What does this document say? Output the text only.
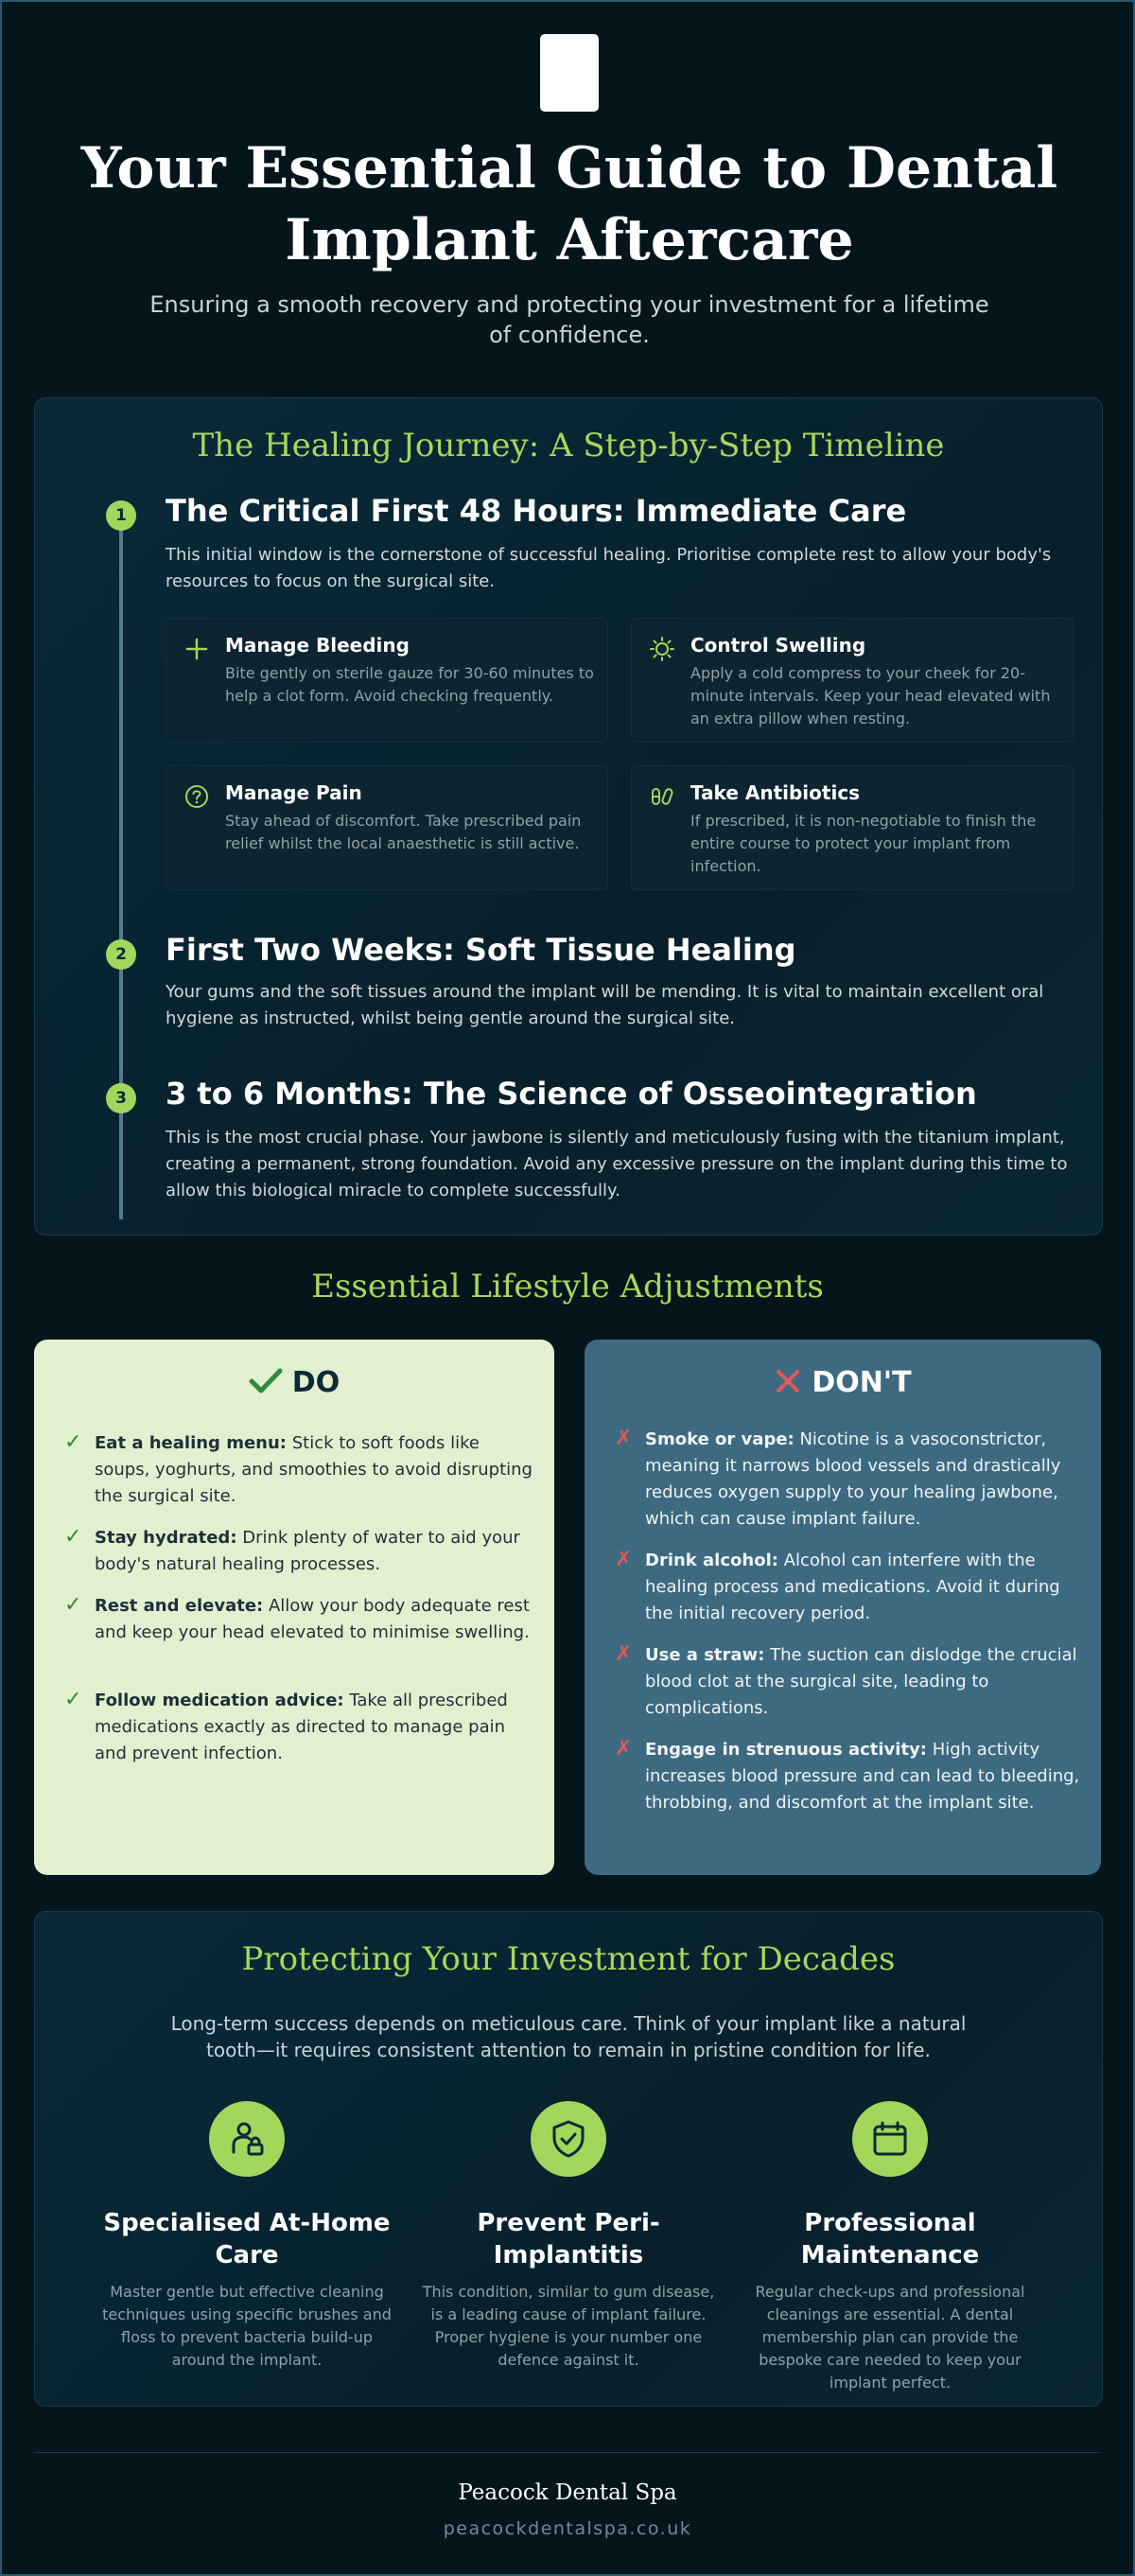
Your Essential Guide to Dental Implant Aftercare

Ensuring a smooth recovery and protecting your investment for a lifetime of confidence.

The Healing Journey: A Step-by-Step Timeline
1	The Critical First 48 Hours: Immediate Care

This initial window is the cornerstone of successful healing. Prioritise complete rest to allow your body's resources to focus on the surgical site.

Manage Bleeding

Bite gently on sterile gauze for 30-60 minutes to help a clot form. Avoid checking frequently.

Control Swelling

Apply a cold compress to your cheek for 20-minute intervals. Keep your head elevated with an extra pillow when resting.

Manage Pain

Stay ahead of discomfort. Take prescribed pain relief whilst the local anaesthetic is still active.

Take Antibiotics

If prescribed, it is non-negotiable to finish the entire course to protect your implant from infection.

2	First Two Weeks: Soft Tissue Healing

Your gums and the soft tissues around the implant will be mending. It is vital to maintain excellent oral hygiene as instructed, whilst being gentle around the surgical site.

3	3 to 6 Months: The Science of Osseointegration

This is the most crucial phase. Your jawbone is silently and meticulously fusing with the titanium implant, creating a permanent, strong foundation. Avoid any excessive pressure on the implant during this time to allow this biological miracle to complete successfully.

Essential Lifestyle Adjustments
DO
✓ Eat a healing menu: Stick to soft foods like soups, yoghurts, and smoothies to avoid disrupting the surgical site.
✓ Stay hydrated: Drink plenty of water to aid your body's natural healing processes.
✓ Rest and elevate: Allow your body adequate rest and keep your head elevated to minimise swelling.
✓ Follow medication advice: Take all prescribed medications exactly as directed to manage pain and prevent infection.
DON'T
✗ Smoke or vape: Nicotine is a vasoconstrictor, meaning it narrows blood vessels and drastically reduces oxygen supply to your healing jawbone, which can cause implant failure.
✗ Drink alcohol: Alcohol can interfere with the healing process and medications. Avoid it during the initial recovery period.
✗ Use a straw: The suction can dislodge the crucial blood clot at the surgical site, leading to complications.
✗ Engage in strenuous activity: High activity increases blood pressure and can lead to bleeding, throbbing, and discomfort at the implant site.
Protecting Your Investment for Decades

Long-term success depends on meticulous care. Think of your implant like a natural tooth—it requires consistent attention to remain in pristine condition for life.

Specialised At-Home Care

Master gentle but effective cleaning techniques using specific brushes and floss to prevent bacteria build-up around the implant.

Prevent Peri-Implantitis

This condition, similar to gum disease, is a leading cause of implant failure. Proper hygiene is your number one defence against it.

Professional Maintenance

Regular check-ups and professional cleanings are essential. A dental membership plan can provide the bespoke care needed to keep your implant perfect.

Peacock Dental Spa
peacockdentalspa.co.uk
